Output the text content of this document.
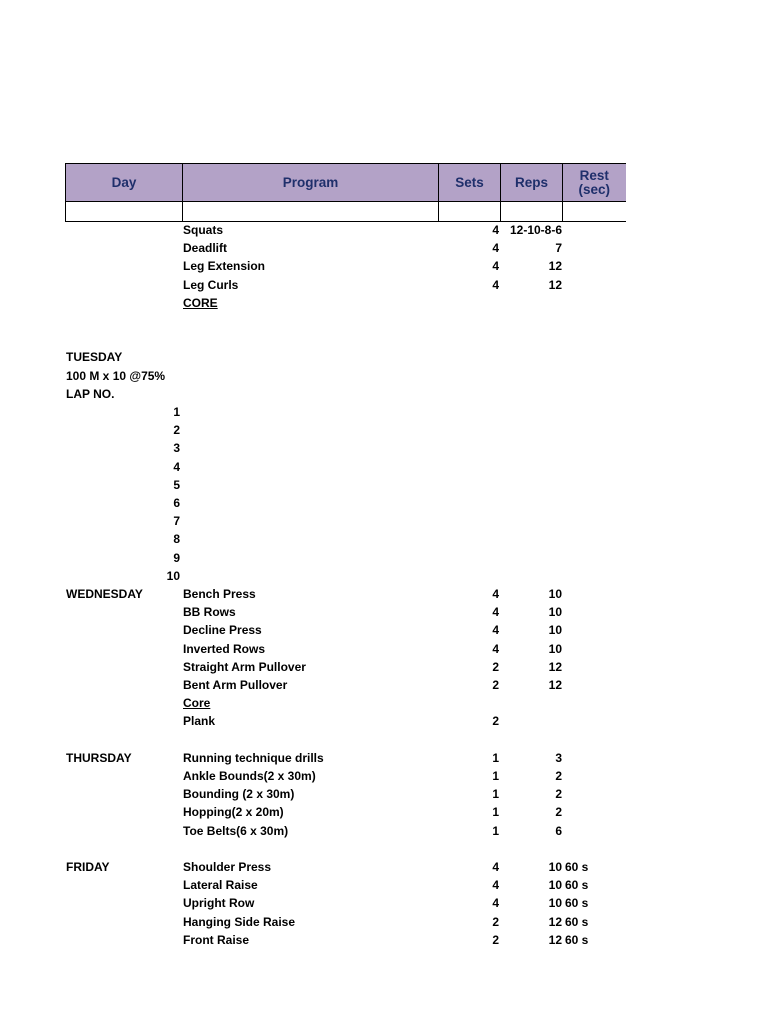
Day	Program	Sets	Reps	Rest
(sec)

Squats	4 12-10-8-6
Deadlift	4	7
Leg Extension	4	12
Leg Curls	4	12
CORE
TUESDAY
100 M x 10 @75%
LAP NO.
1
2
3
4
5
6
7
8
9
10
WEDNESDAY	Bench Press	4	10
BB Rows	4	10
Decline Press	4	10
Inverted Rows	4	10
Straight Arm Pullover	2	12
Bent Arm Pullover	2	12
Core
Plank	2
THURSDAY	Running technique drills	1	3
Ankle Bounds(2 x 30m)	1	2
Bounding (2 x 30m)	1	2
Hopping(2 x 20m)	1	2
Toe Belts(6 x 30m)	1	6
FRIDAY	Shoulder Press	4	10 60 s
Lateral Raise	4	10 60 s
Upright Row	4	10 60 s
Hanging Side Raise	2	12 60 s
Front Raise	2	12 60 s
